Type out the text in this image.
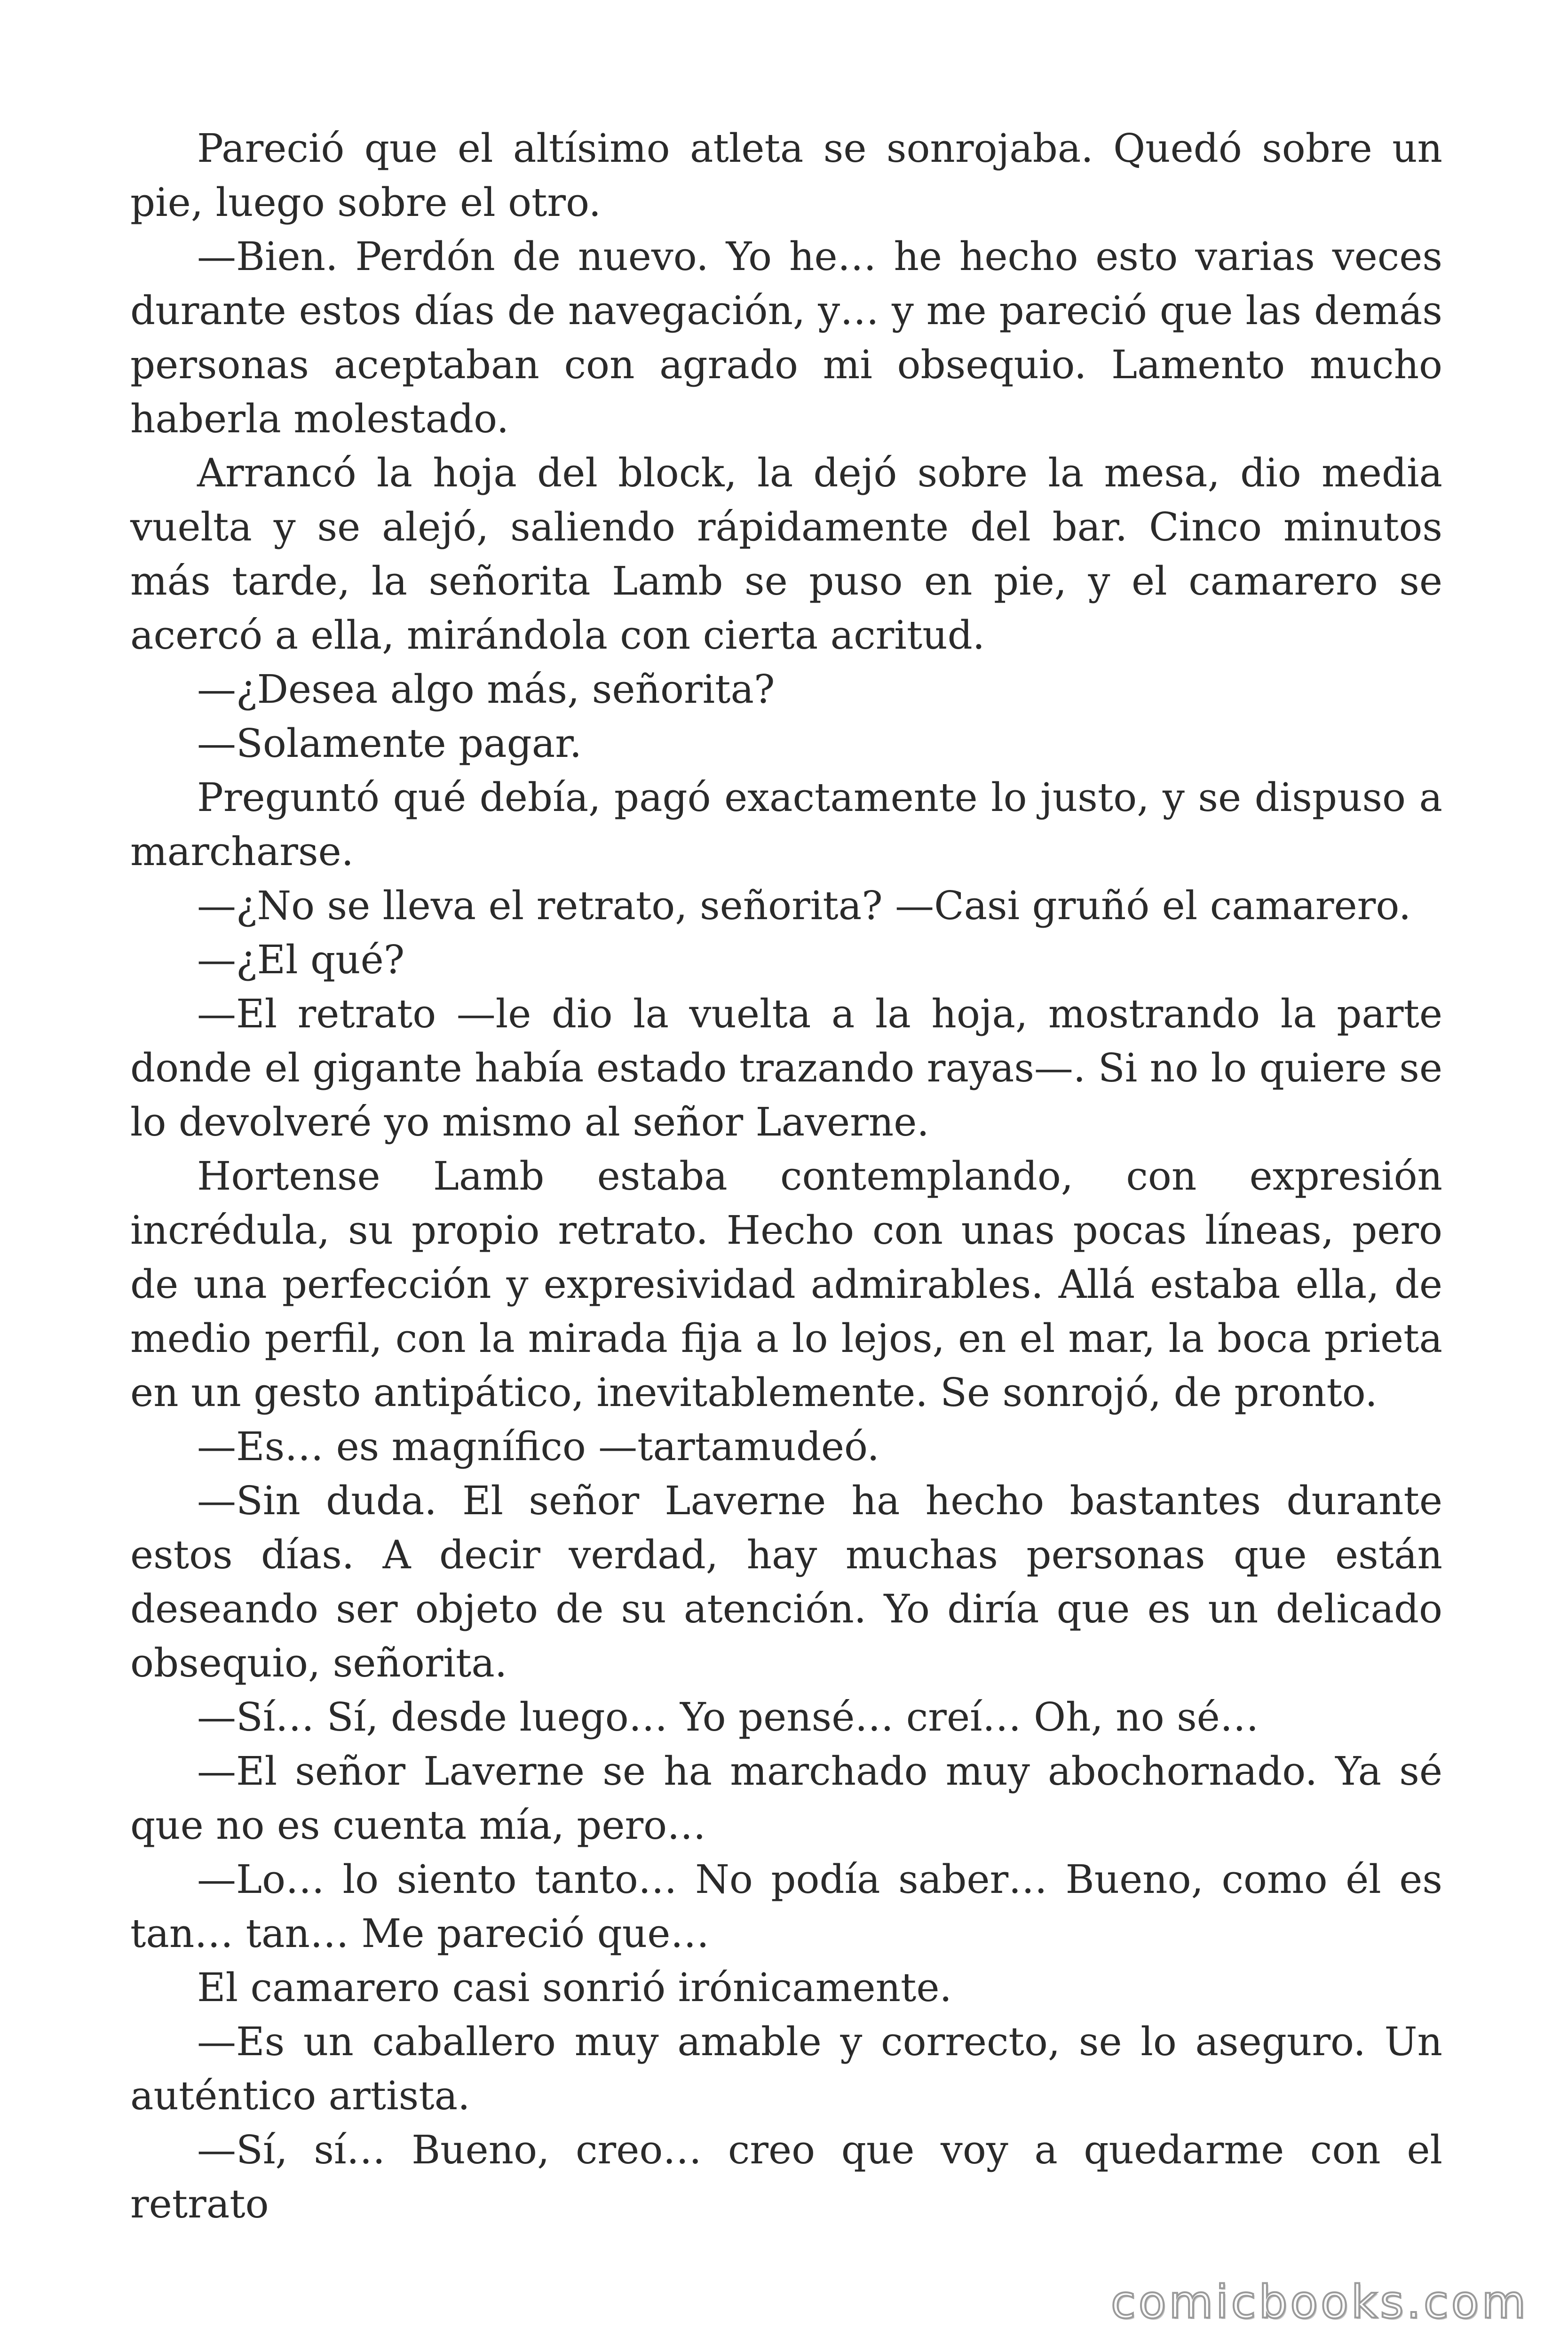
Pareció que el altísimo atleta se sonrojaba. Quedó sobre un pie, luego sobre el otro.

—Bien. Perdón de nuevo. Yo he… he hecho esto varias veces durante estos días de navegación, y… y me pareció que las demás personas aceptaban con agrado mi obsequio. Lamento mucho haberla molestado.

Arrancó la hoja del block, la dejó sobre la mesa, dio media vuelta y se alejó, saliendo rápidamente del bar. Cinco minutos más tarde, la señorita Lamb se puso en pie, y el camarero se acercó a ella, mirándola con cierta acritud.

—¿Desea algo más, señorita?

—Solamente pagar.

Preguntó qué debía, pagó exactamente lo justo, y se dispuso a marcharse.

—¿No se lleva el retrato, señorita? —Casi gruñó el camarero.

—¿El qué?

—El retrato —le dio la vuelta a la hoja, mostrando la parte donde el gigante había estado trazando rayas—. Si no lo quiere se lo devolveré yo mismo al señor Laverne.

Hortense Lamb estaba contemplando, con expresión incrédula, su propio retrato. Hecho con unas pocas líneas, pero de una perfección y expresividad admirables. Allá estaba ella, de medio perfil, con la mirada fija a lo lejos, en el mar, la boca prieta en un gesto antipático, inevitablemente. Se sonrojó, de pronto.

—Es… es magnífico —tartamudeó.

—Sin duda. El señor Laverne ha hecho bastantes durante estos días. A decir verdad, hay muchas personas que están deseando ser objeto de su atención. Yo diría que es un delicado obsequio, señorita.

—Sí… Sí, desde luego… Yo pensé… creí… Oh, no sé…

—El señor Laverne se ha marchado muy abochornado. Ya sé que no es cuenta mía, pero…

—Lo… lo siento tanto… No podía saber… Bueno, como él es tan… tan… Me pareció que…

El camarero casi sonrió irónicamente.

—Es un caballero muy amable y correcto, se lo aseguro. Un auténtico artista.

—Sí, sí… Bueno, creo… creo que voy a quedarme con el retrato

comicbooks.com
